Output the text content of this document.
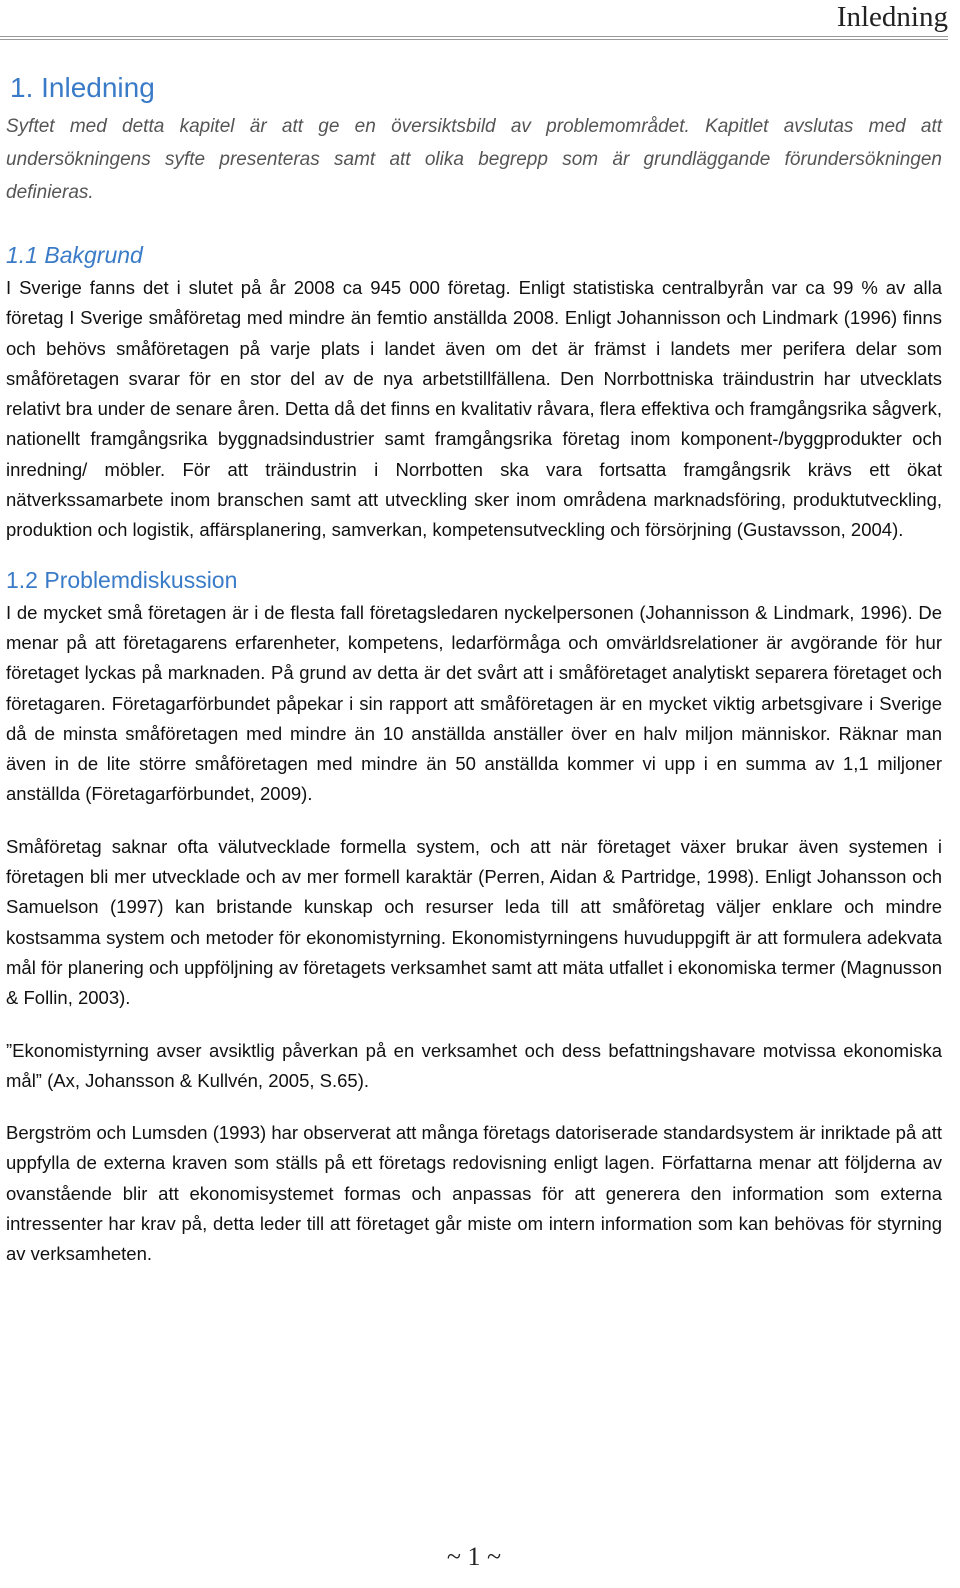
Inledning
1. Inledning

Syftet med detta kapitel är att ge en översiktsbild av problemområdet. Kapitlet avslutas med att undersökningens syfte presenteras samt att olika begrepp som är grundläggande förundersökningen definieras.

1.1 Bakgrund

I Sverige fanns det i slutet på år 2008 ca 945 000 företag. Enligt statistiska centralbyrån var ca 99 % av alla företag I Sverige småföretag med mindre än femtio anställda 2008. Enligt Johannisson och Lindmark (1996) finns och behövs småföretagen på varje plats i landet även om det är främst i landets mer perifera delar som småföretagen svarar för en stor del av de nya arbetstillfällena. Den Norrbottniska träindustrin har utvecklats relativt bra under de senare åren. Detta då det finns en kvalitativ råvara, flera effektiva och framgångsrika sågverk, nationellt framgångsrika byggnadsindustrier samt framgångsrika företag inom komponent-/byggprodukter och inredning/ möbler. För att träindustrin i Norrbotten ska vara fortsatta framgångsrik krävs ett ökat nätverkssamarbete inom branschen samt att utveckling sker inom områdena marknadsföring, produktutveckling, produktion och logistik, affärsplanering, samverkan, kompetensutveckling och försörjning (Gustavsson, 2004).

1.2 Problemdiskussion

I de mycket små företagen är i de flesta fall företagsledaren nyckelpersonen (Johannisson & Lindmark, 1996). De menar på att företagarens erfarenheter, kompetens, ledarförmåga och omvärldsrelationer är avgörande för hur företaget lyckas på marknaden. På grund av detta är det svårt att i småföretaget analytiskt separera företaget och företagaren. Företagarförbundet påpekar i sin rapport att småföretagen är en mycket viktig arbetsgivare i Sverige då de minsta småföretagen med mindre än 10 anställda anställer över en halv miljon människor. Räknar man även in de lite större småföretagen med mindre än 50 anställda kommer vi upp i en summa av 1,1 miljoner anställda (Företagarförbundet, 2009).

Småföretag saknar ofta välutvecklade formella system, och att när företaget växer brukar även systemen i företagen bli mer utvecklade och av mer formell karaktär (Perren, Aidan & Partridge, 1998). Enligt Johansson och Samuelson (1997) kan bristande kunskap och resurser leda till att småföretag väljer enklare och mindre kostsamma system och metoder för ekonomistyrning. Ekonomistyrningens huvuduppgift är att formulera adekvata mål för planering och uppföljning av företagets verksamhet samt att mäta utfallet i ekonomiska termer (Magnusson & Follin, 2003).

”Ekonomistyrning avser avsiktlig påverkan på en verksamhet och dess befattningshavare motvissa ekonomiska mål” (Ax, Johansson & Kullvén, 2005, S.65).

Bergström och Lumsden (1993) har observerat att många företags datoriserade standardsystem är inriktade på att uppfylla de externa kraven som ställs på ett företags redovisning enligt lagen. Författarna menar att följderna av ovanstående blir att ekonomisystemet formas och anpassas för att generera den information som externa intressenter har krav på, detta leder till att företaget går miste om intern information som kan behövas för styrning av verksamheten.

~ 1 ~
